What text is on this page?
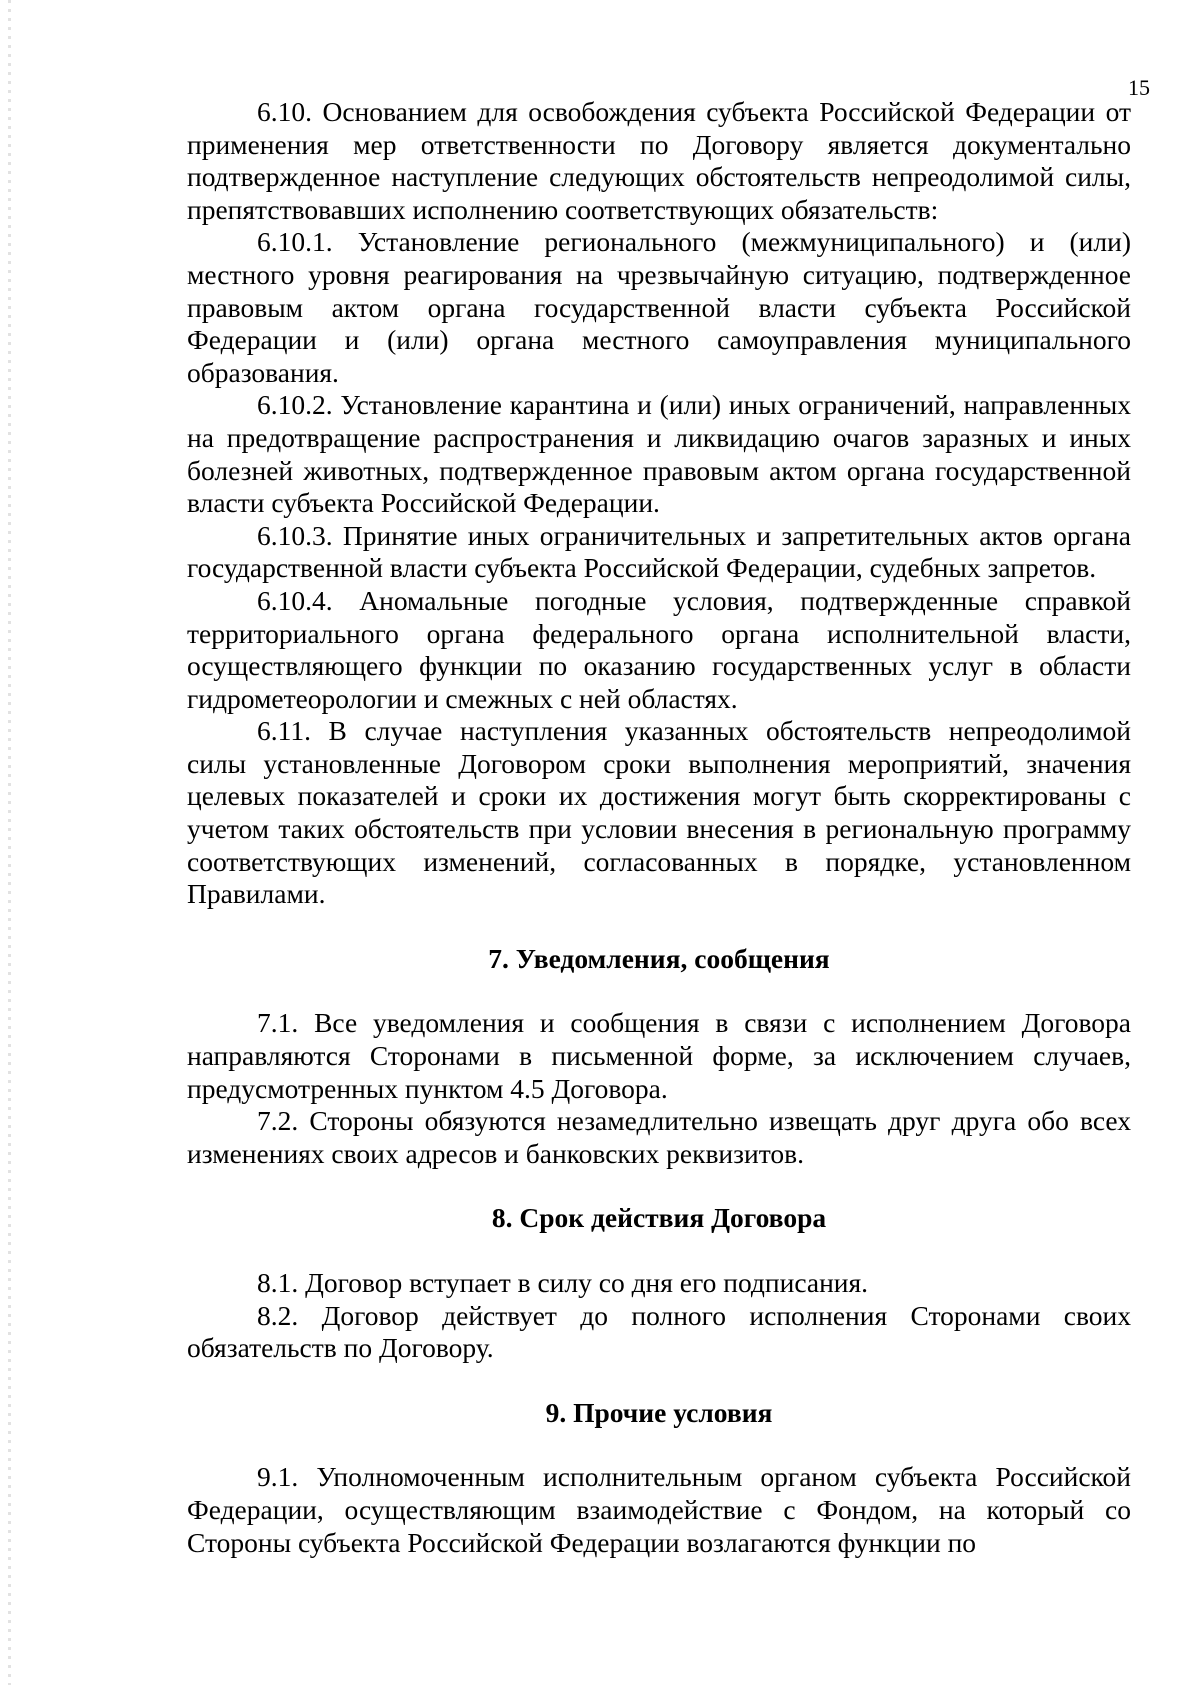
15

6.10. Основанием для освобождения субъекта Российской Федерации от применения мер ответственности по Договору является документально подтвержденное наступление следующих обстоятельств непреодолимой силы, препятствовавших исполнению соответствующих обязательств:

6.10.1. Установление регионального (межмуниципального) и (или) местного уровня реагирования на чрезвычайную ситуацию, подтвержденное правовым актом органа государственной власти субъекта Российской Федерации и (или) органа местного самоуправления муниципального образования.

6.10.2. Установление карантина и (или) иных ограничений, направленных на предотвращение распространения и ликвидацию очагов заразных и иных болезней животных, подтвержденное правовым актом органа государственной власти субъекта Российской Федерации.

6.10.3. Принятие иных ограничительных и запретительных актов органа государственной власти субъекта Российской Федерации, судебных запретов.

6.10.4. Аномальные погодные условия, подтвержденные справкой территориального органа федерального органа исполнительной власти, осуществляющего функции по оказанию государственных услуг в области гидрометеорологии и смежных с ней областях.

6.11. В случае наступления указанных обстоятельств непреодолимой силы установленные Договором сроки выполнения мероприятий, значения целевых показателей и сроки их достижения могут быть скорректированы с учетом таких обстоятельств при условии внесения в региональную программу соответствующих изменений, согласованных в порядке, установленном Правилами.

7. Уведомления, сообщения

7.1. Все уведомления и сообщения в связи с исполнением Договора направляются Сторонами в письменной форме, за исключением случаев, предусмотренных пунктом 4.5 Договора.

7.2. Стороны обязуются незамедлительно извещать друг друга обо всех изменениях своих адресов и банковских реквизитов.

8. Срок действия Договора

8.1. Договор вступает в силу со дня его подписания.

8.2. Договор действует до полного исполнения Сторонами своих обязательств по Договору.

9. Прочие условия

9.1. Уполномоченным исполнительным органом субъекта Российской Федерации, осуществляющим взаимодействие с Фондом, на который со Стороны субъекта Российской Федерации возлагаются функции по
